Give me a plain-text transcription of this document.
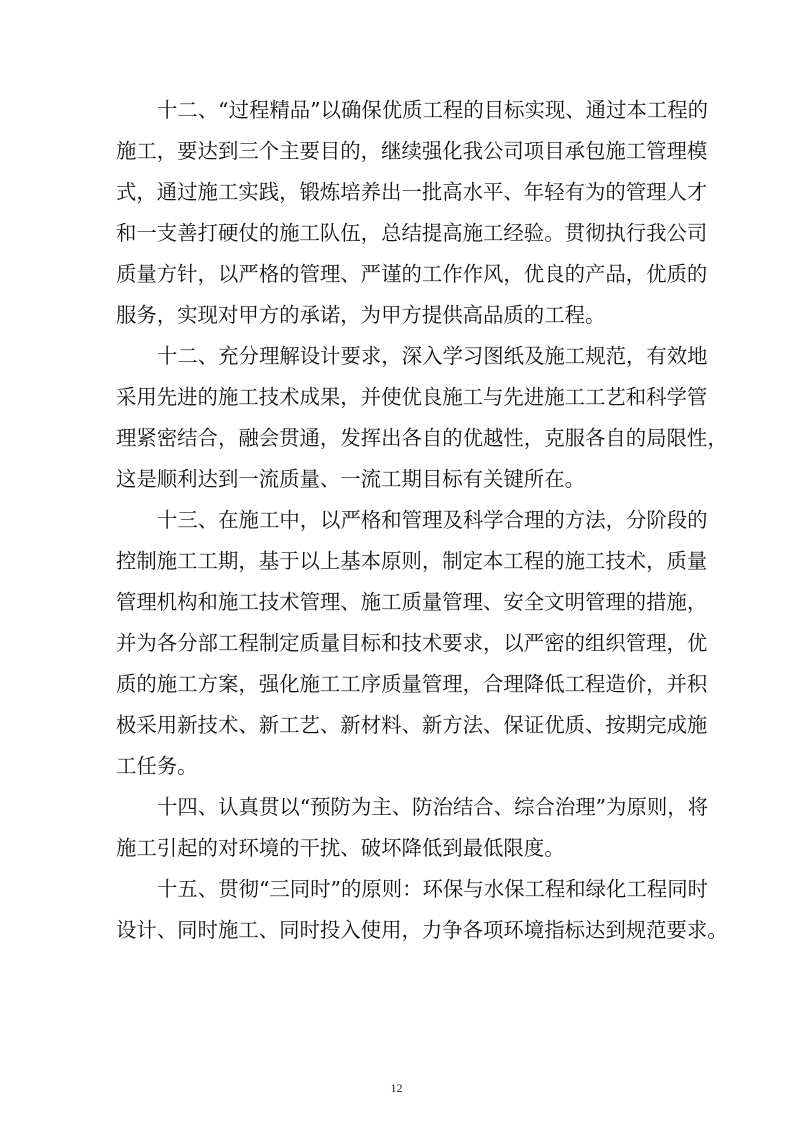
十二、“过程精品”以确保优质工程的目标实现、通过本工程的
施工，要达到三个主要目的，继续强化我公司项目承包施工管理模
式，通过施工实践，锻炼培养出一批高水平、年轻有为的管理人才
和一支善打硬仗的施工队伍，总结提高施工经验。贯彻执行我公司
质量方针，以严格的管理、严谨的工作作风，优良的产品，优质的
服务，实现对甲方的承诺，为甲方提供高品质的工程。

十二、充分理解设计要求，深入学习图纸及施工规范，有效地
采用先进的施工技术成果，并使优良施工与先进施工工艺和科学管
理紧密结合，融会贯通，发挥出各自的优越性，克服各自的局限性，
这是顺利达到一流质量、一流工期目标有关键所在。

十三、在施工中，以严格和管理及科学合理的方法，分阶段的
控制施工工期，基于以上基本原则，制定本工程的施工技术，质量
管理机构和施工技术管理、施工质量管理、安全文明管理的措施，
并为各分部工程制定质量目标和技术要求，以严密的组织管理，优
质的施工方案，强化施工工序质量管理，合理降低工程造价，并积
极采用新技术、新工艺、新材料、新方法、保证优质、按期完成施
工任务。

十四、认真贯以“预防为主、防治结合、综合治理”为原则，将
施工引起的对环境的干扰、破坏降低到最低限度。

十五、贯彻“三同时”的原则：环保与水保工程和绿化工程同时
设计、同时施工、同时投入使用，力争各项环境指标达到规范要求。

12
